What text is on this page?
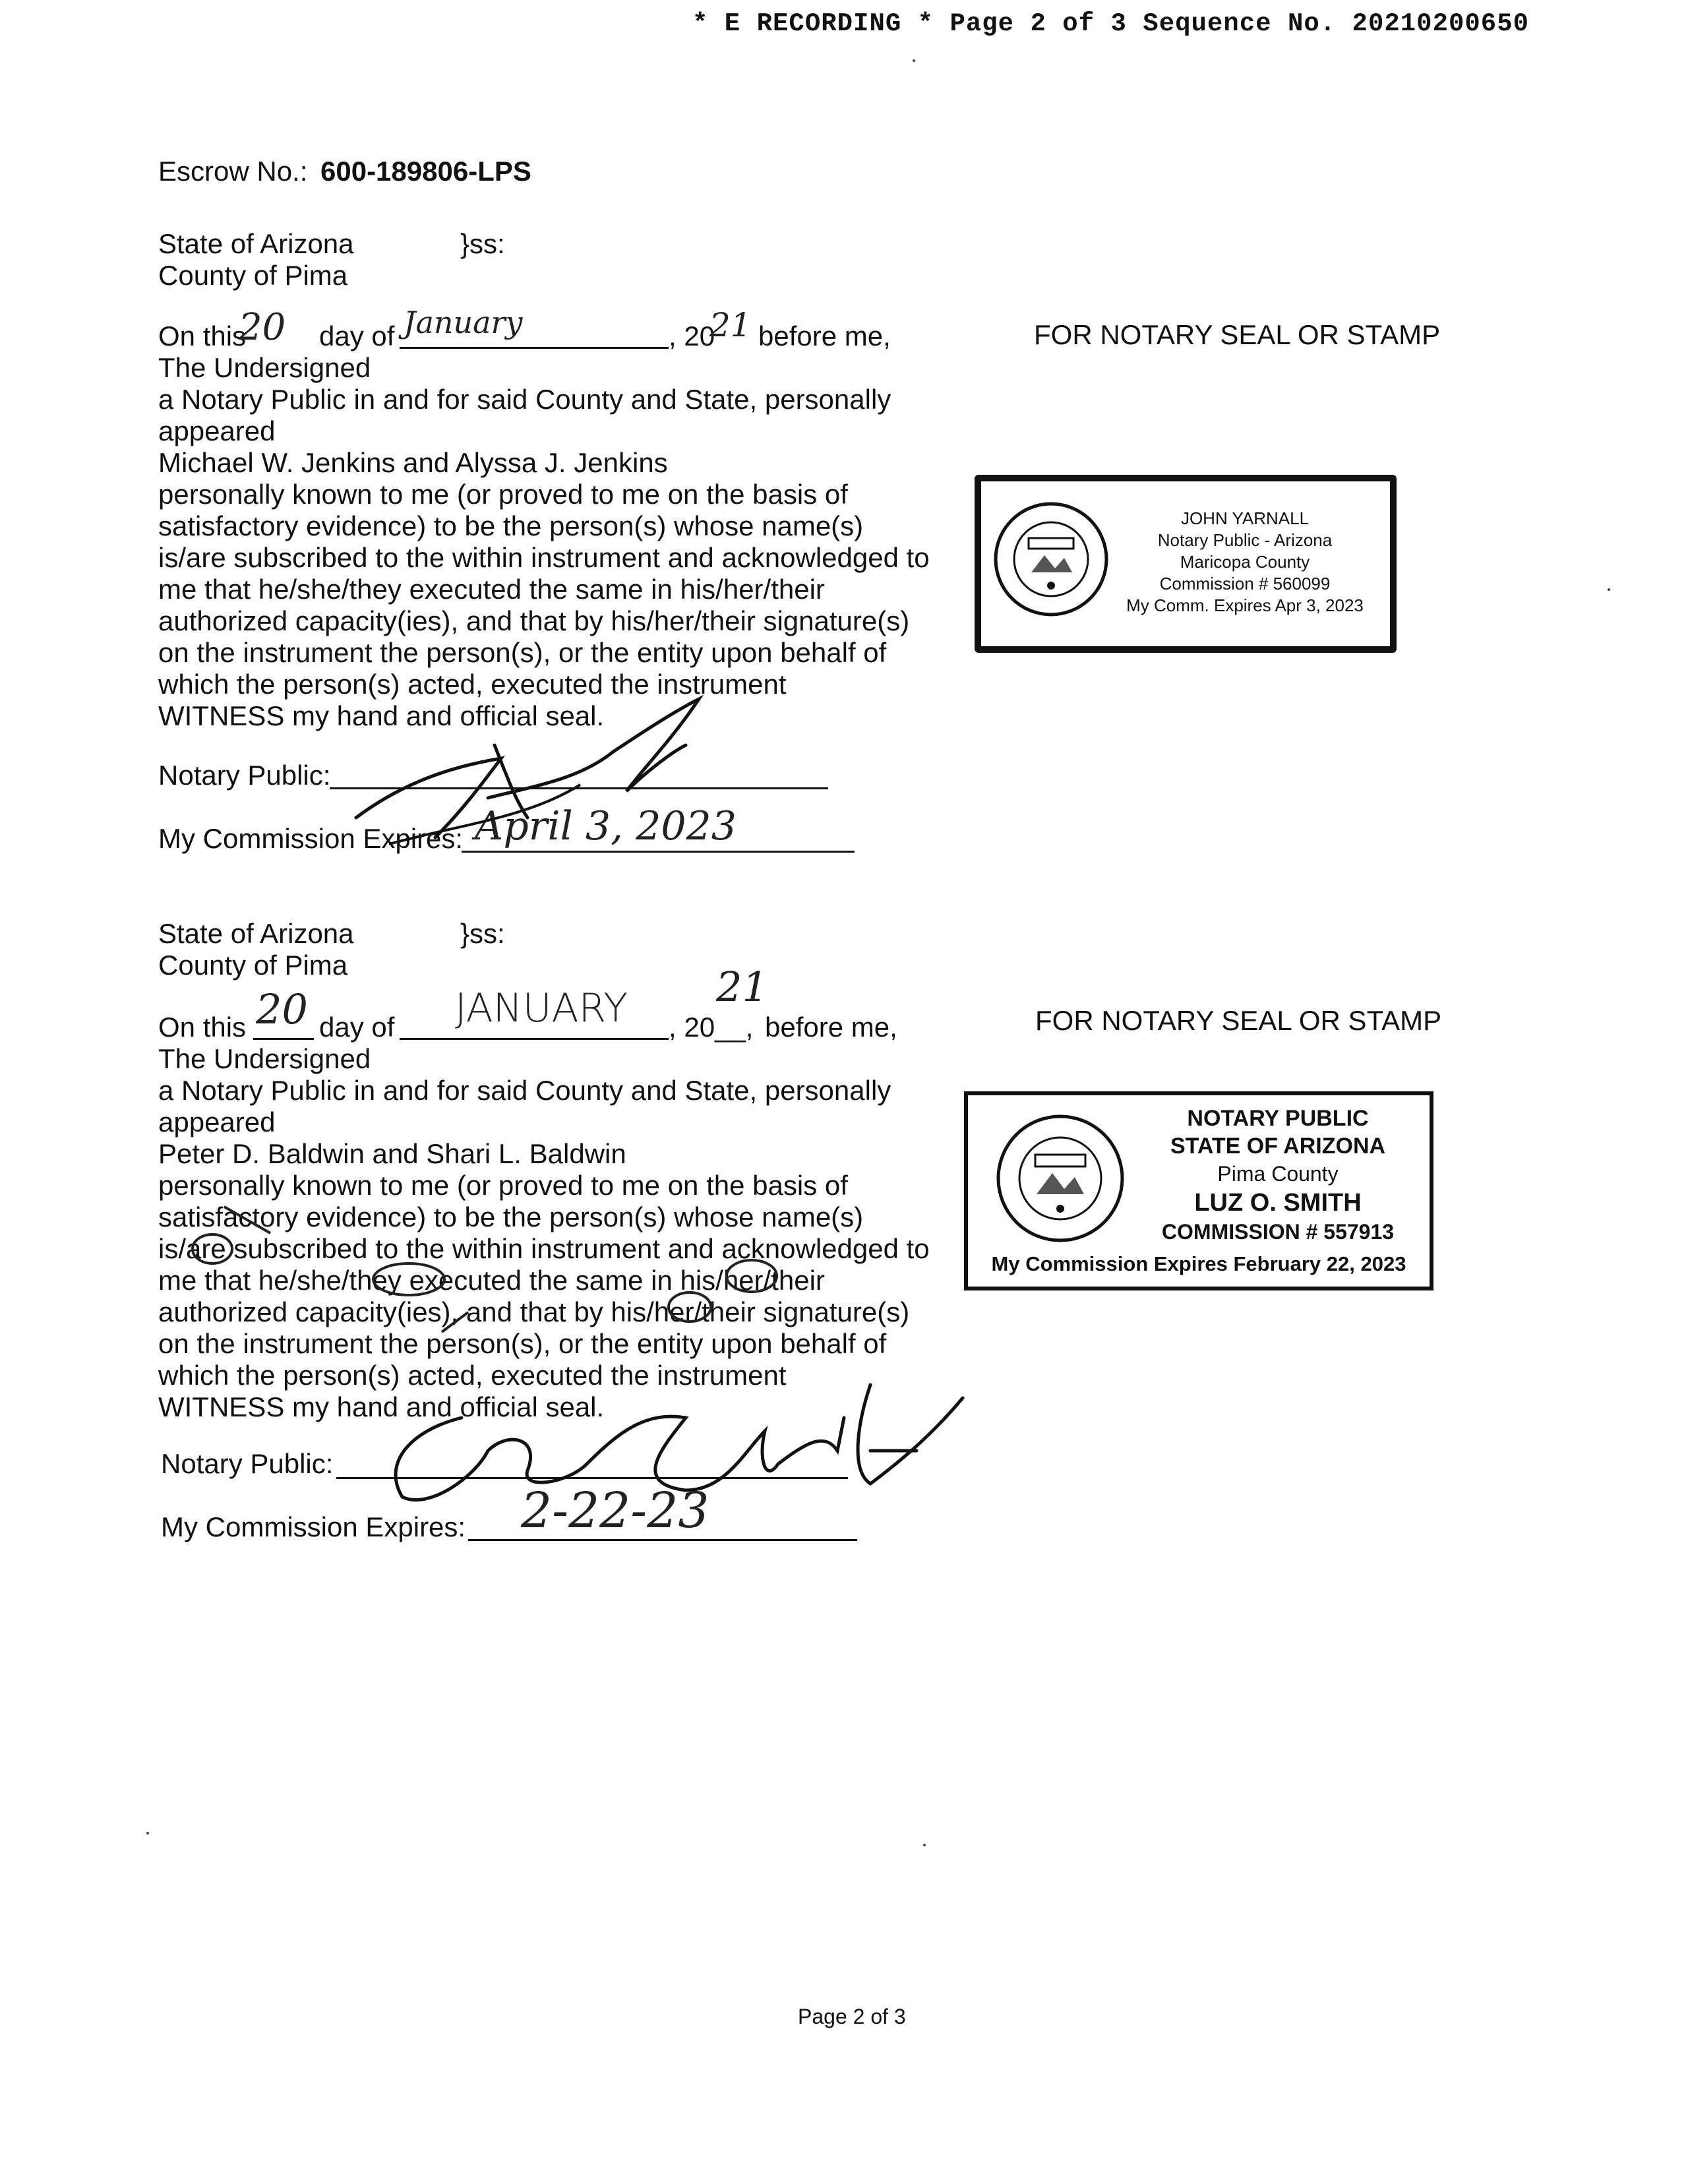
* E RECORDING * Page 2 of 3 Sequence No. 20210200650
Escrow No.: 600-189806-LPS
State of Arizona	}ss:
County of Pima
On this
20 day of January	, 20
21 before me,
The Undersigned
a Notary Public in and for said County and State, personally
appeared
Michael W. Jenkins and Alyssa J. Jenkins
personally known to me (or proved to me on the basis of
satisfactory evidence) to be the person(s) whose name(s)
is/are subscribed to the within instrument and acknowledged to
me that he/she/they executed the same in his/her/their
authorized capacity(ies), and that by his/her/their signature(s)
on the instrument the person(s), or the entity upon behalf of
which the person(s) acted, executed the instrument
WITNESS my hand and official seal.
Notary Public:
My Commission Expires: April 3, 2023
FOR NOTARY SEAL OR STAMP
JOHN YARNALL
Notary Public - Arizona
Maricopa County
Commission # 560099
My Comm. Expires Apr 3, 2023
State of Arizona	}ss:
County of Pima
On this 20 day of JANUARY , 20__,
21
before me,
The Undersigned
a Notary Public in and for said County and State, personally
appeared
Peter D. Baldwin and Shari L. Baldwin
personally known to me (or proved to me on the basis of
satisfactory evidence) to be the person(s) whose name(s)
is/are subscribed to the within instrument and acknowledged to
me that he/she/they executed the same in his/her/their
authorized capacity(ies), and that by his/her/their signature(s)
on the instrument the person(s), or the entity upon behalf of
which the person(s) acted, executed the instrument
WITNESS my hand and official seal.
Notary Public:
My Commission Expires: 2-22-23
FOR NOTARY SEAL OR STAMP
NOTARY PUBLIC
STATE OF ARIZONA
Pima County
LUZ O. SMITH
COMMISSION # 557913
My Commission Expires February 22, 2023
Page 2 of 3
